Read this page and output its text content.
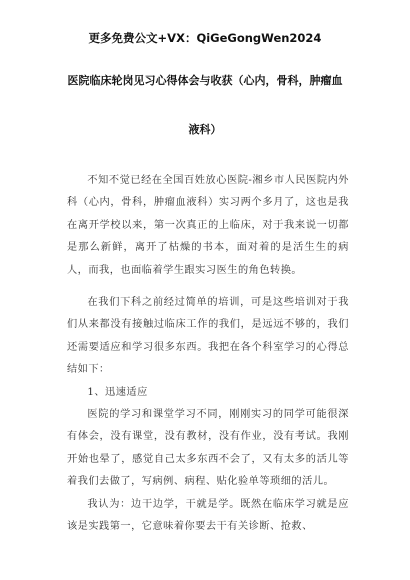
更多免费公文+VX：QiGeGongWen2024
医院临床轮岗见习心得体会与收获（心内，骨科，肿瘤血
液科）

不知不觉已经在全国百姓放心医院-湘乡市人民医院内外科（心内，骨科，肿瘤血液科）实习两个多月了，这也是我在离开学校以来，第一次真正的上临床，对于我来说一切都是那么新鲜，离开了枯燥的书本，面对着的是活生生的病人，而我，也面临着学生跟实习医生的角色转换。

在我们下科之前经过简单的培训，可是这些培训对于我们从来都没有接触过临床工作的我们，是远远不够的，我们还需要适应和学习很多东西。我把在各个科室学习的心得总结如下：

1、迅速适应

医院的学习和课堂学习不同，刚刚实习的同学可能很深有体会，没有课堂，没有教材，没有作业，没有考试。我刚开始也晕了，感觉自己太多东西不会了，又有太多的活儿等着我们去做了，写病例、病程、贴化验单等琐细的活儿。

我认为：边干边学，干就是学。既然在临床学习就是应该是实践第一，它意味着你要去干有关诊断、抢救、
